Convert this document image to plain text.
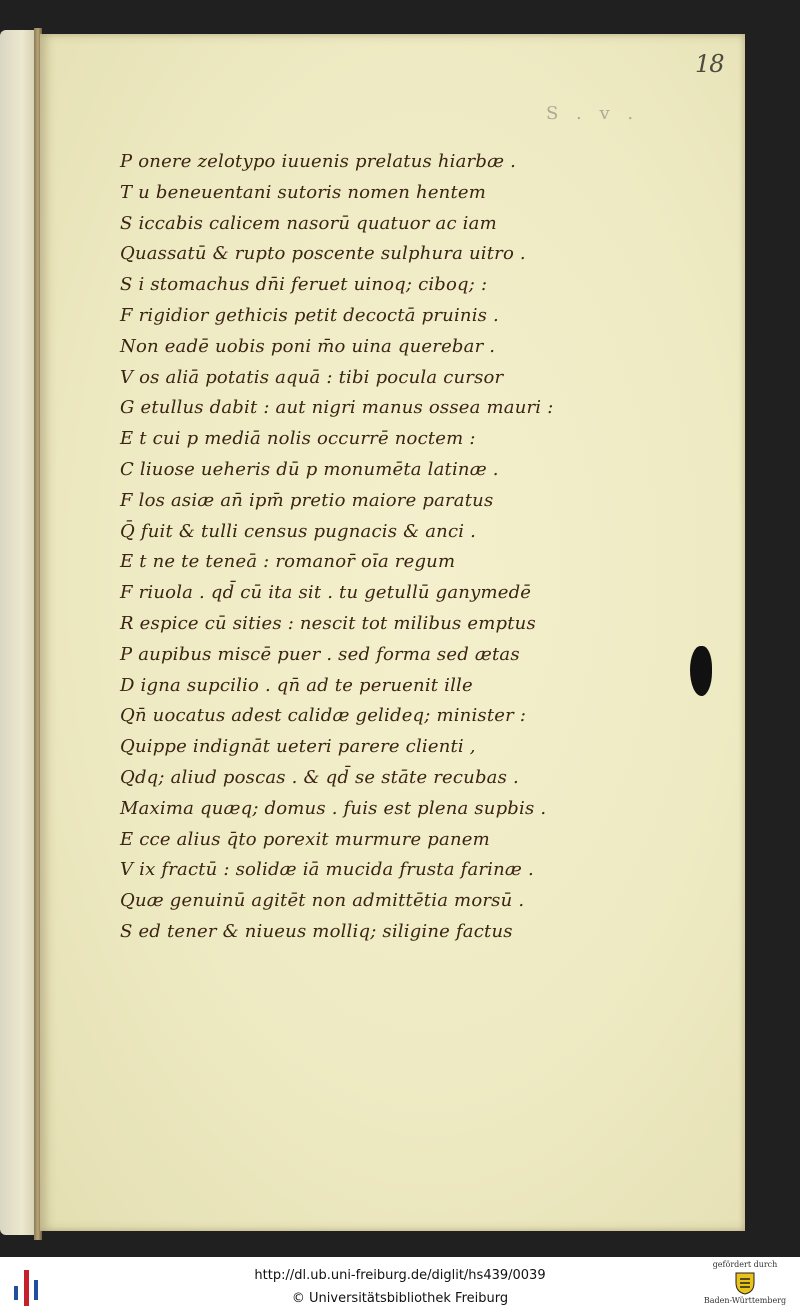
18
S . v .
P onere zelotypo iuuenis prelatus hiarbæ .
T u beneuentani sutoris nomen hentem
S iccabis calicem nasorū quatuor ac iam
Quassatū & rupto poscente sulphura uitro .
S i stomachus dn̄i feruet uinoq; ciboq; :
F rigidior gethicis petit decoctā pruinis .
Non eadē uobis poni m̄o uina querebar .
V os aliā potatis aquā : tibi pocula cursor
G etullus dabit : aut nigri manus ossea mauri :
E t cui p mediā nolis occurrē noctem :
C liuose ueheris dū p monumēta latinæ .
F los asiæ an̄ ipm̄ pretio maiore paratus
Q̄ fuit & tulli census pugnacis & anci .
E t ne te teneā : romanor̄ oīa regum
F riuola . qd̄ cū ita sit . tu getullū ganymedē
R espice cū sities : nescit tot milibus emptus
P aupibus miscē puer . sed forma sed ætas
D igna supcilio . qn̄ ad te peruenit ille
Qn̄ uocatus adest calidæ gelideq; minister :
Quippe indignāt ueteri parere clienti ,
Qdq; aliud poscas . & qd̄ se stāte recubas .
Maxima quæq; domus . fuis est plena supbis .
E cce alius q̄to porexit murmure panem
V ix fractū : solidæ iā mucida frusta farinæ .
Quæ genuinū agitēt non admittētia morsū .
S ed tener & niueus molliq; siligine factus
http://dl.ub.uni-freiburg.de/diglit/hs439/0039
© Universitätsbibliothek Freiburg
gefördert durch
Baden-Württemberg
